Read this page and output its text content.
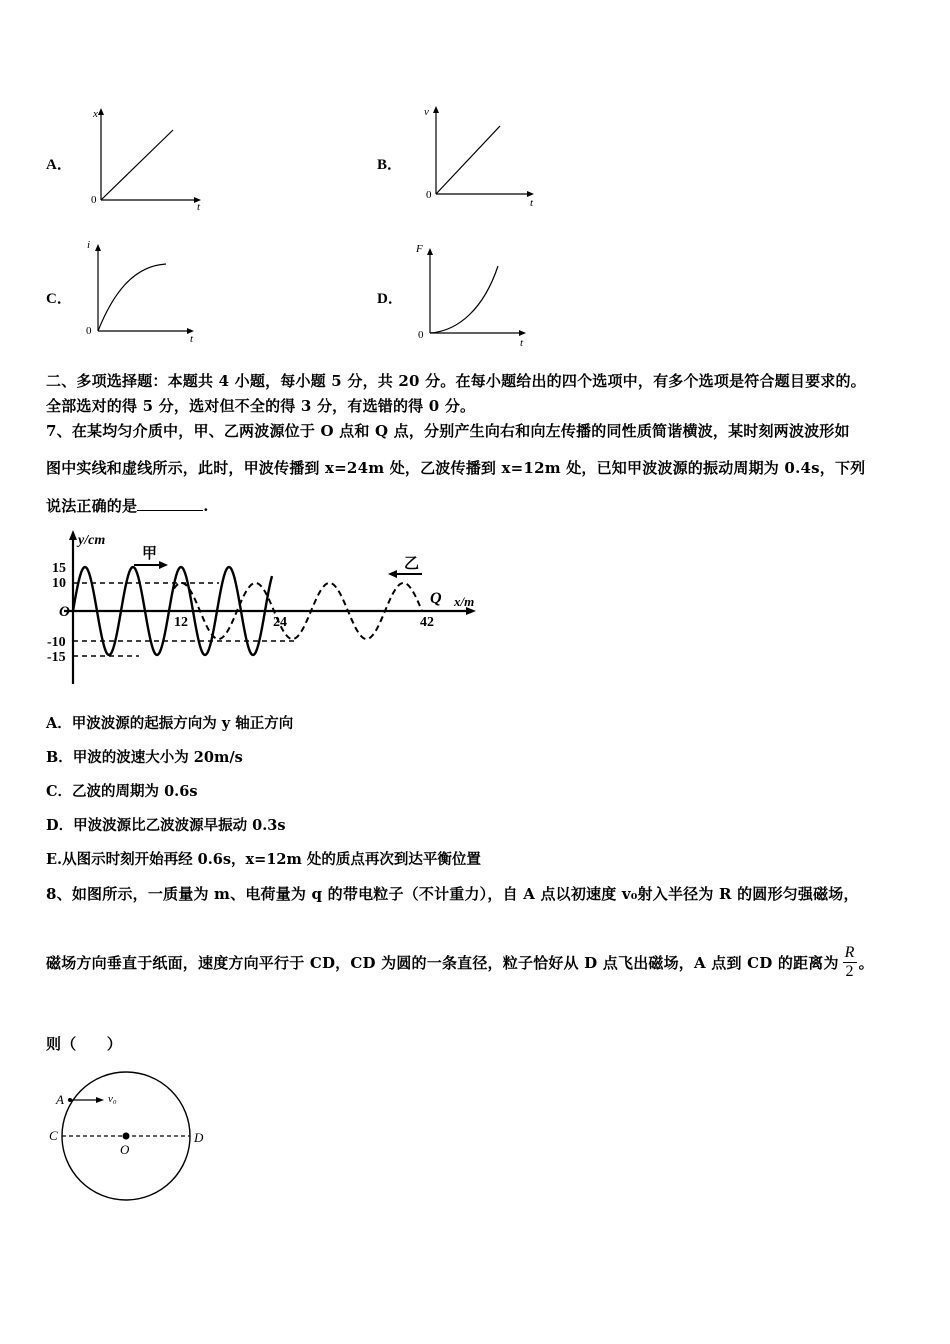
A．
x
t
0
B．
v
t
0
C．
i
t
0
D．
F
t
0
二、多项选择题：本题共 4 小题，每小题 5 分，共 20 分。在每小题给出的四个选项中，有多个选项是符合题目要求的。
全部选对的得 5 分，选对但不全的得 3 分，有选错的得 0 分。
7、在某均匀介质中，甲、乙两波源位于 O 点和 Q 点，分别产生向右和向左传播的同性质简谐横波，某时刻两波波形如
图中实线和虚线所示，此时，甲波传播到 x=24m 处，乙波传播到 x=12m 处，已知甲波波源的振动周期为 0.4s，下列
说法正确的是	.
y/cm
x/m
O
Q
15
10
-10
-15
12	24	42
甲
乙
A．甲波波源的起振方向为 y 轴正方向
B．甲波的波速大小为 20m/s
C．乙波的周期为 0.6s
D．甲波波源比乙波波源早振动 0.3s
E.从图示时刻开始再经 0.6s，x=12m 处的质点再次到达平衡位置
8、如图所示，一质量为 m、电荷量为 q 的带电粒子（不计重力），自 A 点以初速度 v₀射入半径为 R 的圆形匀强磁场，
磁场方向垂直于纸面，速度方向平行于 CD，CD 为圆的一条直径，粒子恰好从 D 点飞出磁场，A 点到 CD 的距离为 $\frac{R}{2}$ 。
则（　　）
A	v₀
C	D
O
